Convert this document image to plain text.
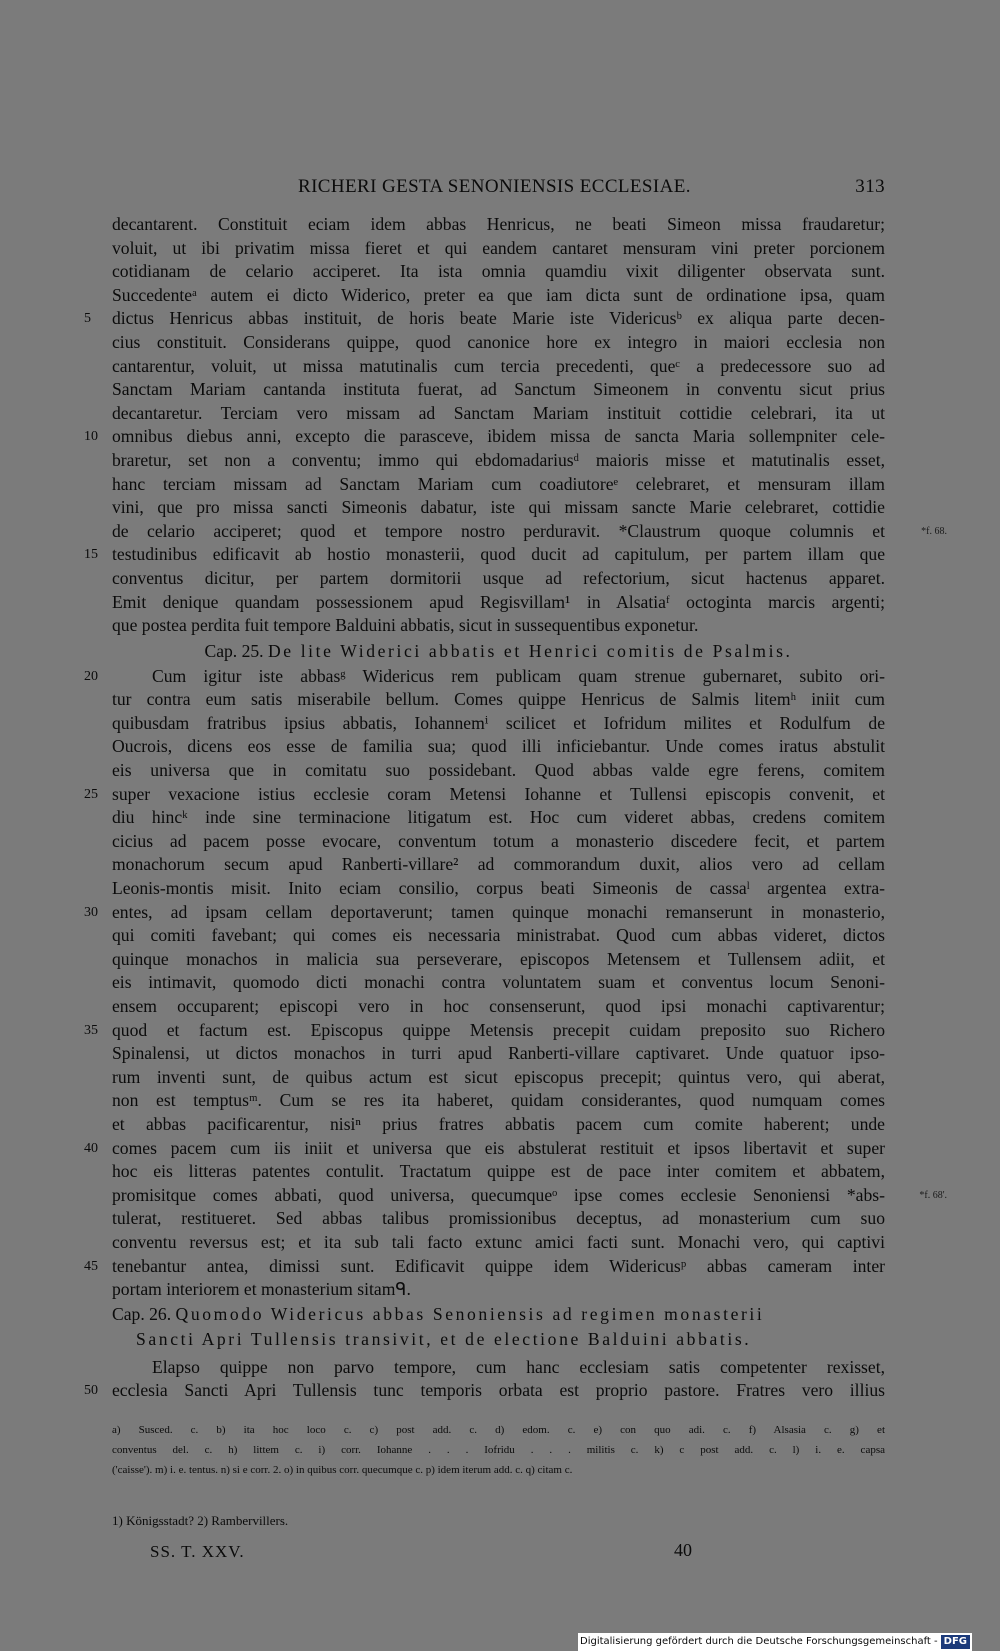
RICHERI GESTA SENONIENSIS ECCLESIAE.	313
decantarent. Constituit eciam idem abbas Henricus, ne beati Simeon missa fraudaretur;
voluit, ut ibi privatim missa fieret et qui eandem cantaret mensuram vini preter porcionem
cotidianam de celario acciperet. Ita ista omnia quamdiu vixit diligenter observata sunt.
Succedenteᵃ autem ei dicto Widerico, preter ea que iam dicta sunt de ordinatione ipsa, quam
5	dictus Henricus abbas instituit, de horis beate Marie iste Videricusᵇ ex aliqua parte decen-
cius constituit. Considerans quippe, quod canonice hore ex integro in maiori ecclesia non
cantarentur, voluit, ut missa matutinalis cum tercia precedenti, queᶜ a predecessore suo ad
Sanctam Mariam cantanda instituta fuerat, ad Sanctum Simeonem in conventu sicut prius
decantaretur. Terciam vero missam ad Sanctam Mariam instituit cottidie celebrari, ita ut
10 omnibus diebus anni, excepto die parasceve, ibidem missa de sancta Maria sollempniter cele-
braretur, set non a conventu; immo qui ebdomadariusᵈ maioris misse et matutinalis esset,
hanc terciam missam ad Sanctam Mariam cum coadiutoreᵉ celebraret, et mensuram illam
vini, que pro missa sancti Simeonis dabatur, iste qui missam sancte Marie celebraret, cottidie
de celario acciperet; quod et tempore nostro perduravit. *Claustrum quoque columnis et	*f. 68.
15 testudinibus edificavit ab hostio monasterii, quod ducit ad capitulum, per partem illam que
conventus dicitur, per partem dormitorii usque ad refectorium, sicut hactenus apparet.
Emit denique quandam possessionem apud Regisvillam¹ in Alsatiaᶠ octoginta marcis argenti;
que postea perdita fuit tempore Balduini abbatis, sicut in sussequentibus exponetur.
Cap. 25. De lite Widerici abbatis et Henrici comitis de Psalmis.
20	Cum igitur iste abbasᵍ Widericus rem publicam quam strenue gubernaret, subito ori-
tur contra eum satis miserabile bellum. Comes quippe Henricus de Salmis litemʰ iniit cum
quibusdam fratribus ipsius abbatis, Iohannemⁱ scilicet et Iofridum milites et Rodulfum de
Oucrois, dicens eos esse de familia sua; quod illi inficiebantur. Unde comes iratus abstulit
eis universa que in comitatu suo possidebant. Quod abbas valde egre ferens, comitem
25 super vexacione istius ecclesie coram Metensi Iohanne et Tullensi episcopis convenit, et
diu hincᵏ inde sine terminacione litigatum est. Hoc cum videret abbas, credens comitem
cicius ad pacem posse evocare, conventum totum a monasterio discedere fecit, et partem
monachorum secum apud Ranberti-villare² ad commorandum duxit, alios vero ad cellam
Leonis-montis misit. Inito eciam consilio, corpus beati Simeonis de cassaˡ argentea extra-
30 entes, ad ipsam cellam deportaverunt; tamen quinque monachi remanserunt in monasterio,
qui comiti favebant; qui comes eis necessaria ministrabat. Quod cum abbas videret, dictos
quinque monachos in malicia sua perseverare, episcopos Metensem et Tullensem adiit, et
eis intimavit, quomodo dicti monachi contra voluntatem suam et conventus locum Senoni-
ensem occuparent; episcopi vero in hoc consenserunt, quod ipsi monachi captivarentur;
35 quod et factum est. Episcopus quippe Metensis precepit cuidam preposito suo Richero
Spinalensi, ut dictos monachos in turri apud Ranberti-villare captivaret. Unde quatuor ipso-
rum inventi sunt, de quibus actum est sicut episcopus precepit; quintus vero, qui aberat,
non est temptusᵐ. Cum se res ita haberet, quidam considerantes, quod numquam comes
et abbas pacificarentur, nisiⁿ prius fratres abbatis pacem cum comite haberent; unde
40 comes pacem cum iis iniit et universa que eis abstulerat restituit et ipsos libertavit et super
hoc eis litteras patentes contulit. Tractatum quippe est de pace inter comitem et abbatem,
promisitque comes abbati, quod universa, quecumqueᵒ ipse comes ecclesie Senoniensi *abs-	*f. 68'.
tulerat, restitueret. Sed abbas talibus promissionibus deceptus, ad monasterium cum suo
conventu reversus est; et ita sub tali facto extunc amici facti sunt. Monachi vero, qui captivi
45 tenebantur antea, dimissi sunt. Edificavit quippe idem Widericusᵖ abbas cameram inter
portam interiorem et monasterium sitamᑫ.
Cap. 26. Quomodo Widericus abbas Senoniensis ad regimen monasterii
Sancti Apri Tullensis transivit, et de electione Balduini abbatis.
Elapso quippe non parvo tempore, cum hanc ecclesiam satis competenter rexisset,
50 ecclesia Sancti Apri Tullensis tunc temporis orbata est proprio pastore. Fratres vero illius
a) Susced. c. b) ita hoc loco c. c) post add. c. d) edom. c. e) con quo adi. c. f) Alsasia c. g) et
conventus del. c. h) littem c. i) corr. Iohanne . . . Iofridu . . . militis c. k) c post add. c. l) i. e. capsa
('caisse'). m) i. e. tentus. n) si e corr. 2. o) in quibus corr. quecumque c. p) idem iterum add. c. q) citam c.
1) Königsstadt? 2) Rambervillers.
SS. T. XXV.	40
Digitalisierung gefördert durch die Deutsche Forschungsgemeinschaft - DFG
